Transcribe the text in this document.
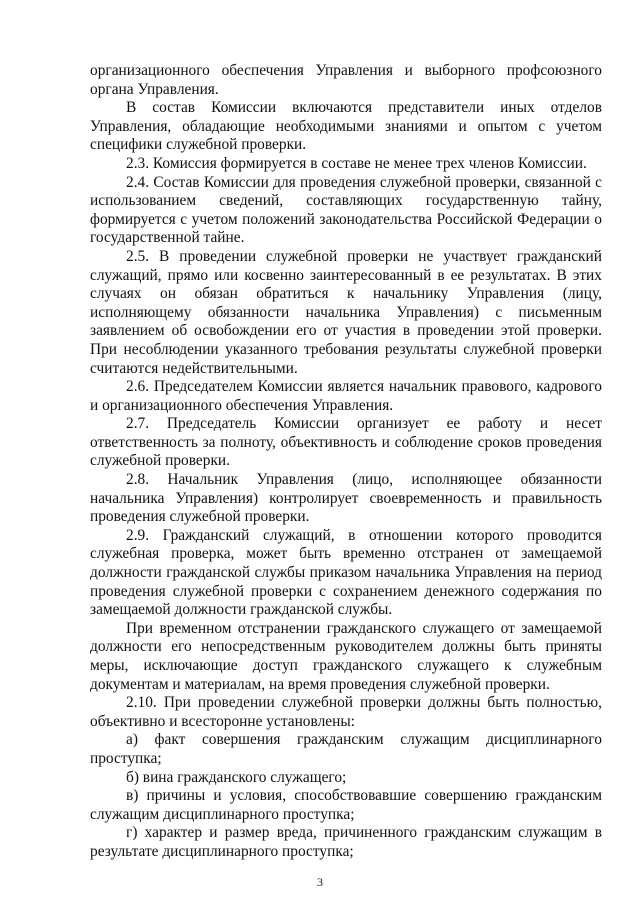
организационного обеспечения Управления и выборного профсоюзного органа Управления.

В состав Комиссии включаются представители иных отделов Управления, обладающие необходимыми знаниями и опытом с учетом специфики служебной проверки.

2.3. Комиссия формируется в составе не менее трех членов Комиссии.

2.4. Состав Комиссии для проведения служебной проверки, связанной с использованием сведений, составляющих государственную тайну, формируется с учетом положений законодательства Российской Федерации о государственной тайне.

2.5. В проведении служебной проверки не участвует гражданский служащий, прямо или косвенно заинтересованный в ее результатах. В этих случаях он обязан обратиться к начальнику Управления (лицу, исполняющему обязанности начальника Управления) с письменным заявлением об освобождении его от участия в проведении этой проверки. При несоблюдении указанного требования результаты служебной проверки считаются недействительными.

2.6. Председателем Комиссии является начальник правового, кадрового и организационного обеспечения Управления.

2.7. Председатель Комиссии организует ее работу и несет ответственность за полноту, объективность и соблюдение сроков проведения служебной проверки.

2.8. Начальник Управления (лицо, исполняющее обязанности начальника Управления) контролирует своевременность и правильность проведения служебной проверки.

2.9. Гражданский служащий, в отношении которого проводится служебная проверка, может быть временно отстранен от замещаемой должности гражданской службы приказом начальника Управления на период проведения служебной проверки с сохранением денежного содержания по замещаемой должности гражданской службы.

При временном отстранении гражданского служащего от замещаемой должности его непосредственным руководителем должны быть приняты меры, исключающие доступ гражданского служащего к служебным документам и материалам, на время проведения служебной проверки.

2.10. При проведении служебной проверки должны быть полностью, объективно и всесторонне установлены:

а) факт совершения гражданским служащим дисциплинарного проступка;

б) вина гражданского служащего;

в) причины и условия, способствовавшие совершению гражданским служащим дисциплинарного проступка;

г) характер и размер вреда, причиненного гражданским служащим в результате дисциплинарного проступка;

3
